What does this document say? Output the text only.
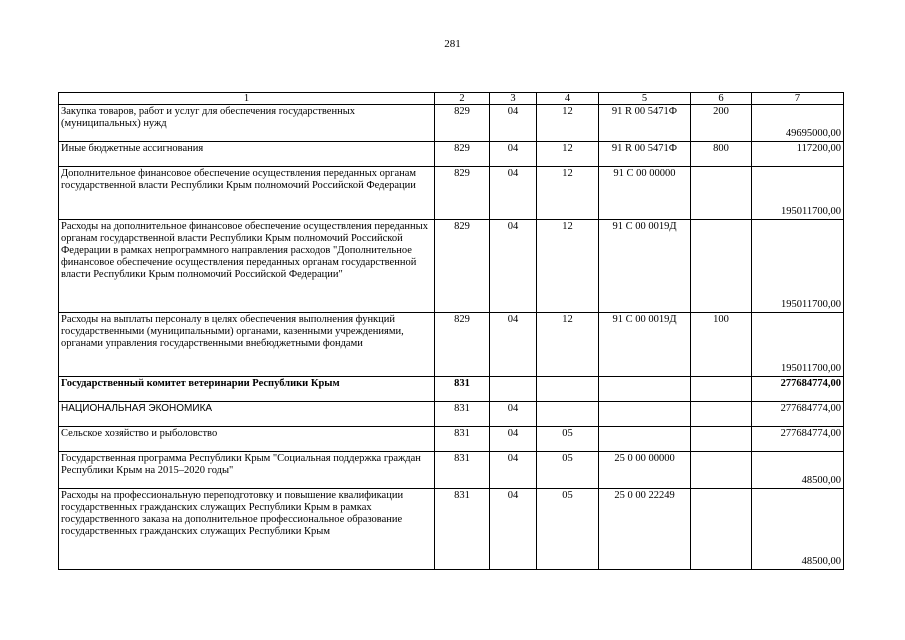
281
1	2	3	4	5	6	7
Закупка товаров, работ и услуг для обеспечения государственных (муниципальных) нужд	829	04	12	91 R 00 5471Ф	200	49695000,00
Иные бюджетные ассигнования	829	04	12	91 R 00 5471Ф	800	117200,00
Дополнительное финансовое обеспечение осуществления переданных органам государственной власти Республики Крым полномочий Российской Федерации	829	04	12	91 С 00 00000		195011700,00
Расходы на дополнительное финансовое обеспечение осуществления переданных органам государственной власти Республики Крым полномочий Российской Федерации в рамках непрограммного направления расходов "Дополнительное финансовое обеспечение осуществления переданных органам государственной власти Республики Крым полномочий Российской Федерации"	829	04	12	91 С 00 0019Д		195011700,00
Расходы на выплаты персоналу в целях обеспечения выполнения функций государственными (муниципальными) органами, казенными учреждениями, органами управления государственными внебюджетными фондами	829	04	12	91 С 00 0019Д	100	195011700,00
Государственный комитет ветеринарии Республики Крым	831					277684774,00
НАЦИОНАЛЬНАЯ ЭКОНОМИКА	831	04				277684774,00
Сельское хозяйство и рыболовство	831	04	05			277684774,00
Государственная программа Республики Крым "Социальная поддержка граждан Республики Крым на 2015–2020 годы"	831	04	05	25 0 00 00000		48500,00
Расходы на профессиональную переподготовку и повышение квалификации государственных гражданских служащих Республики Крым в рамках государственного заказа на дополнительное профессиональное образование государственных гражданских служащих Республики Крым	831	04	05	25 0 00 22249		48500,00
